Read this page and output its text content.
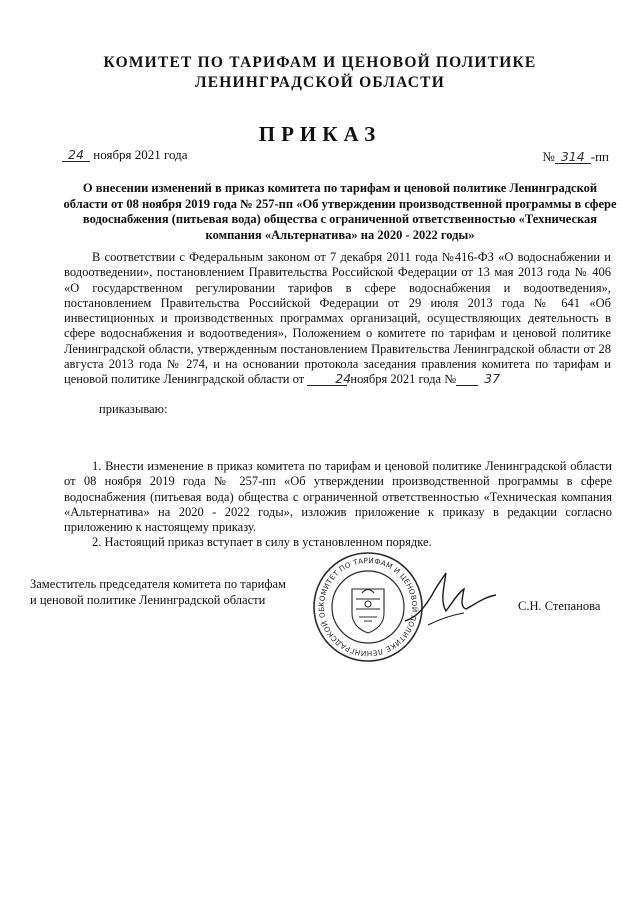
КОМИТЕТ ПО ТАРИФАМ И ЦЕНОВОЙ ПОЛИТИКЕ
ЛЕНИНГРАДСКОЙ ОБЛАСТИ
ПРИКАЗ
24 ноября 2021 года	№ 314 -пп
О внесении изменений в приказ комитета по тарифам и ценовой политике Ленинградской области от 08 ноября 2019 года № 257-пп «Об утверждении производственной программы в сфере водоснабжения (питьевая вода) общества с ограниченной ответственностью «Техническая компания «Альтернатива» на 2020 - 2022 годы»
В соответствии с Федеральным законом от 7 декабря 2011 года №416-ФЗ «О водоснабжении и водоотведении», постановлением Правительства Российской Федерации от 13 мая 2013 года № 406 «О государственном регулировании тарифов в сфере водоснабжения и водоотведения», постановлением Правительства Российской Федерации от 29 июля 2013 года № 641 «Об инвестиционных и производственных программах организаций, осуществляющих деятельность в сфере водоснабжения и водоотведения», Положением о комитете по тарифам и ценовой политике Ленинградской области, утвержденным постановлением Правительства Ленинградской области от 28 августа 2013 года № 274, и на основании протокола заседания правления комитета по тарифам и ценовой политике Ленинградской области от 24 ноября 2021 года № 37
приказываю:

1. Внести изменение в приказ комитета по тарифам и ценовой политике Ленинградской области от 08 ноября 2019 года № 257-пп «Об утверждении производственной программы в сфере водоснабжения (питьевая вода) общества с ограниченной ответственностью «Техническая компания «Альтернатива» на 2020 - 2022 годы», изложив приложение к приказу в редакции согласно приложению к настоящему приказу.

2. Настоящий приказ вступает в силу в установленном порядке.

Заместитель председателя комитета по тарифам
и ценовой политике Ленинградской области	КОМИТЕТ ПО ТАРИФАМ И ЦЕНОВОЙ ПОЛИТИКЕ ЛЕНИНГРАДСКОЙ ОБ	С.Н. Степанова
